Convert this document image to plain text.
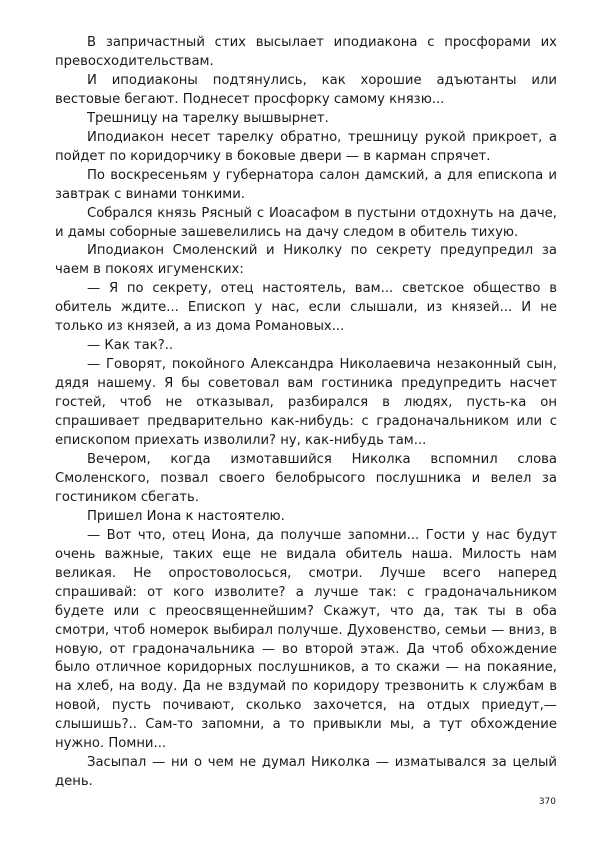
В запричастный стих высылает иподиакона с просфорами их превосходительствам.

И иподиаконы подтянулись, как хорошие адъютанты или вестовые бегают. Поднесет просфорку самому князю...

Трешницу на тарелку вышвырнет.

Иподиакон несет тарелку обратно, трешницу рукой прикроет, а пойдет по коридорчику в боковые двери — в карман спрячет.

По воскресеньям у губернатора салон дамский, а для епископа и завтрак с винами тонкими.

Собрался князь Рясный с Иоасафом в пустыни отдохнуть на даче, и дамы соборные зашевелились на дачу следом в обитель тихую.

Иподиакон Смоленский и Николку по секрету предупредил за чаем в покоях игуменских:

— Я по секрету, отец настоятель, вам... светское общество в обитель ждите... Епископ у нас, если слышали, из князей... И не только из князей, а из дома Романовых...

— Как так?..

— Говорят, покойного Александра Николаевича незаконный сын, дядя нашему. Я бы советовал вам гостиника предупредить насчет гостей, чтоб не отказывал, разбирался в людях, пусть-ка он спрашивает предварительно как-нибудь: с градоначальником или с епископом приехать изволили? ну, как-нибудь там...

Вечером, когда измотавшийся Николка вспомнил слова Смоленского, позвал своего белобрысого послушника и велел за гостиником сбегать.

Пришел Иона к настоятелю.

— Вот что, отец Иона, да получше запомни... Гости у нас будут очень важные, таких еще не видала обитель наша. Милость нам великая. Не опростоволосься, смотри. Лучше всего наперед спрашивай: от кого изволите? а лучше так: с градоначальником будете или с преосвященнейшим? Скажут, что да, так ты в оба смотри, чтоб номерок выбирал получше. Духовенство, семьи — вниз, в новую, от градоначальника — во второй этаж. Да чтоб обхождение было отличное коридорных послушников, а то скажи — на покаяние, на хлеб, на воду. Да не вздумай по коридору трезвонить к службам в новой, пусть почивают, сколько захочется, на отдых приедут,— слышишь?.. Сам-то запомни, а то привыкли мы, а тут обхождение нужно. Помни...

Засыпал — ни о чем не думал Николка — изматывался за целый день.

370
